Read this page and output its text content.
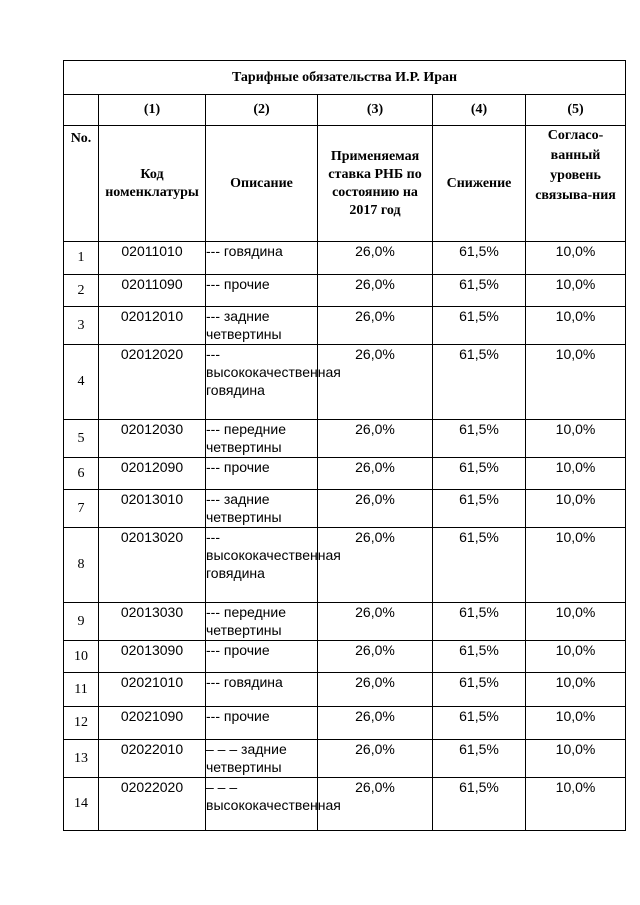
Тарифные обязательства И.Р. Иран					
	(1)	(2)	(3)	(4)	(5)
No.	Код номенклатуры	Описание	Применяемая ставка РНБ по состоянию на 2017 год	Снижение	Согласо-ванный уровень связыва-ния
1	02011010	--- говядина	26,0%	61,5%	10,0%
2	02011090	--- прочие	26,0%	61,5%	10,0%
3	02012010	--- задние четвертины	26,0%	61,5%	10,0%
4	02012020	--- высококачественная говядина	26,0%	61,5%	10,0%
5	02012030	--- передние четвертины	26,0%	61,5%	10,0%
6	02012090	--- прочие	26,0%	61,5%	10,0%
7	02013010	--- задние четвертины	26,0%	61,5%	10,0%
8	02013020	--- высококачественная говядина	26,0%	61,5%	10,0%
9	02013030	--- передние четвертины	26,0%	61,5%	10,0%
10	02013090	--- прочие	26,0%	61,5%	10,0%
11	02021010	--- говядина	26,0%	61,5%	10,0%
12	02021090	--- прочие	26,0%	61,5%	10,0%
13	02022010	– – – задние четвертины	26,0%	61,5%	10,0%
14	02022020	– – – высококачественная	26,0%	61,5%	10,0%
